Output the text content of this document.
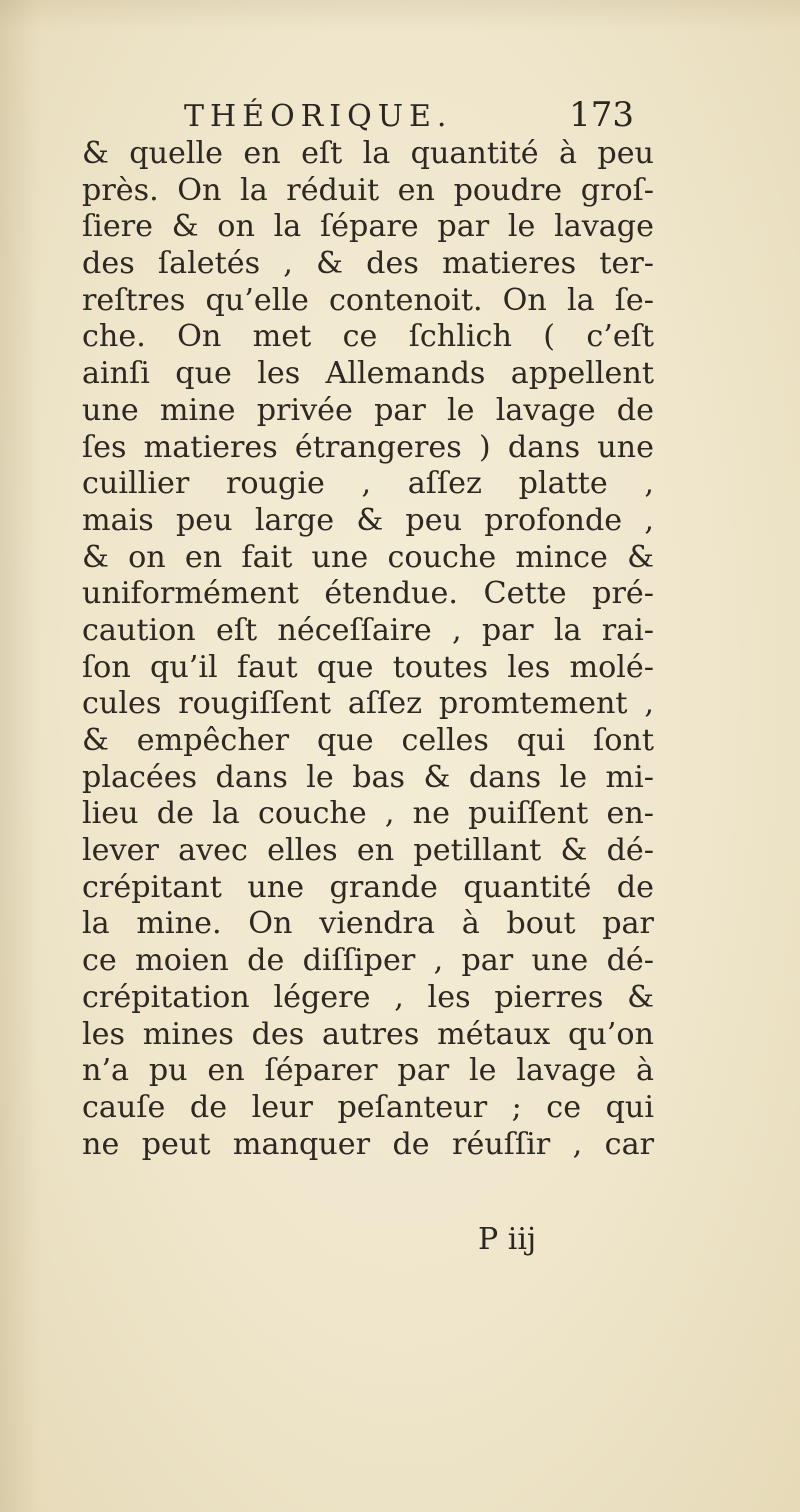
THÉORIQUE.	173
& quelle en eſt la quantité à peu
près. On la réduit en poudre groſ-
ſiere & on la ſépare par le lavage
des ſaletés , & des matieres ter-
reſtres qu’elle contenoit. On la ſe-
che. On met ce ſchlich ( c’eſt
ainſi que les Allemands appellent
une mine privée par le lavage de
ſes matieres étrangeres ) dans une
cuillier rougie , aſſez platte ,
mais peu large & peu profonde ,
& on en fait une couche mince &
uniformément étendue. Cette pré-
caution eſt néceſſaire , par la rai-
ſon qu’il faut que toutes les molé-
cules rougiſſent aſſez promtement ,
& empêcher que celles qui ſont
placées dans le bas & dans le mi-
lieu de la couche , ne puiſſent en-
lever avec elles en petillant & dé-
crépitant une grande quantité de
la mine. On viendra à bout par
ce moien de diſſiper , par une dé-
crépitation légere , les pierres &
les mines des autres métaux qu’on
n’a pu en ſéparer par le lavage à
cauſe de leur peſanteur ; ce qui
ne peut manquer de réuſſir , car
P iij
